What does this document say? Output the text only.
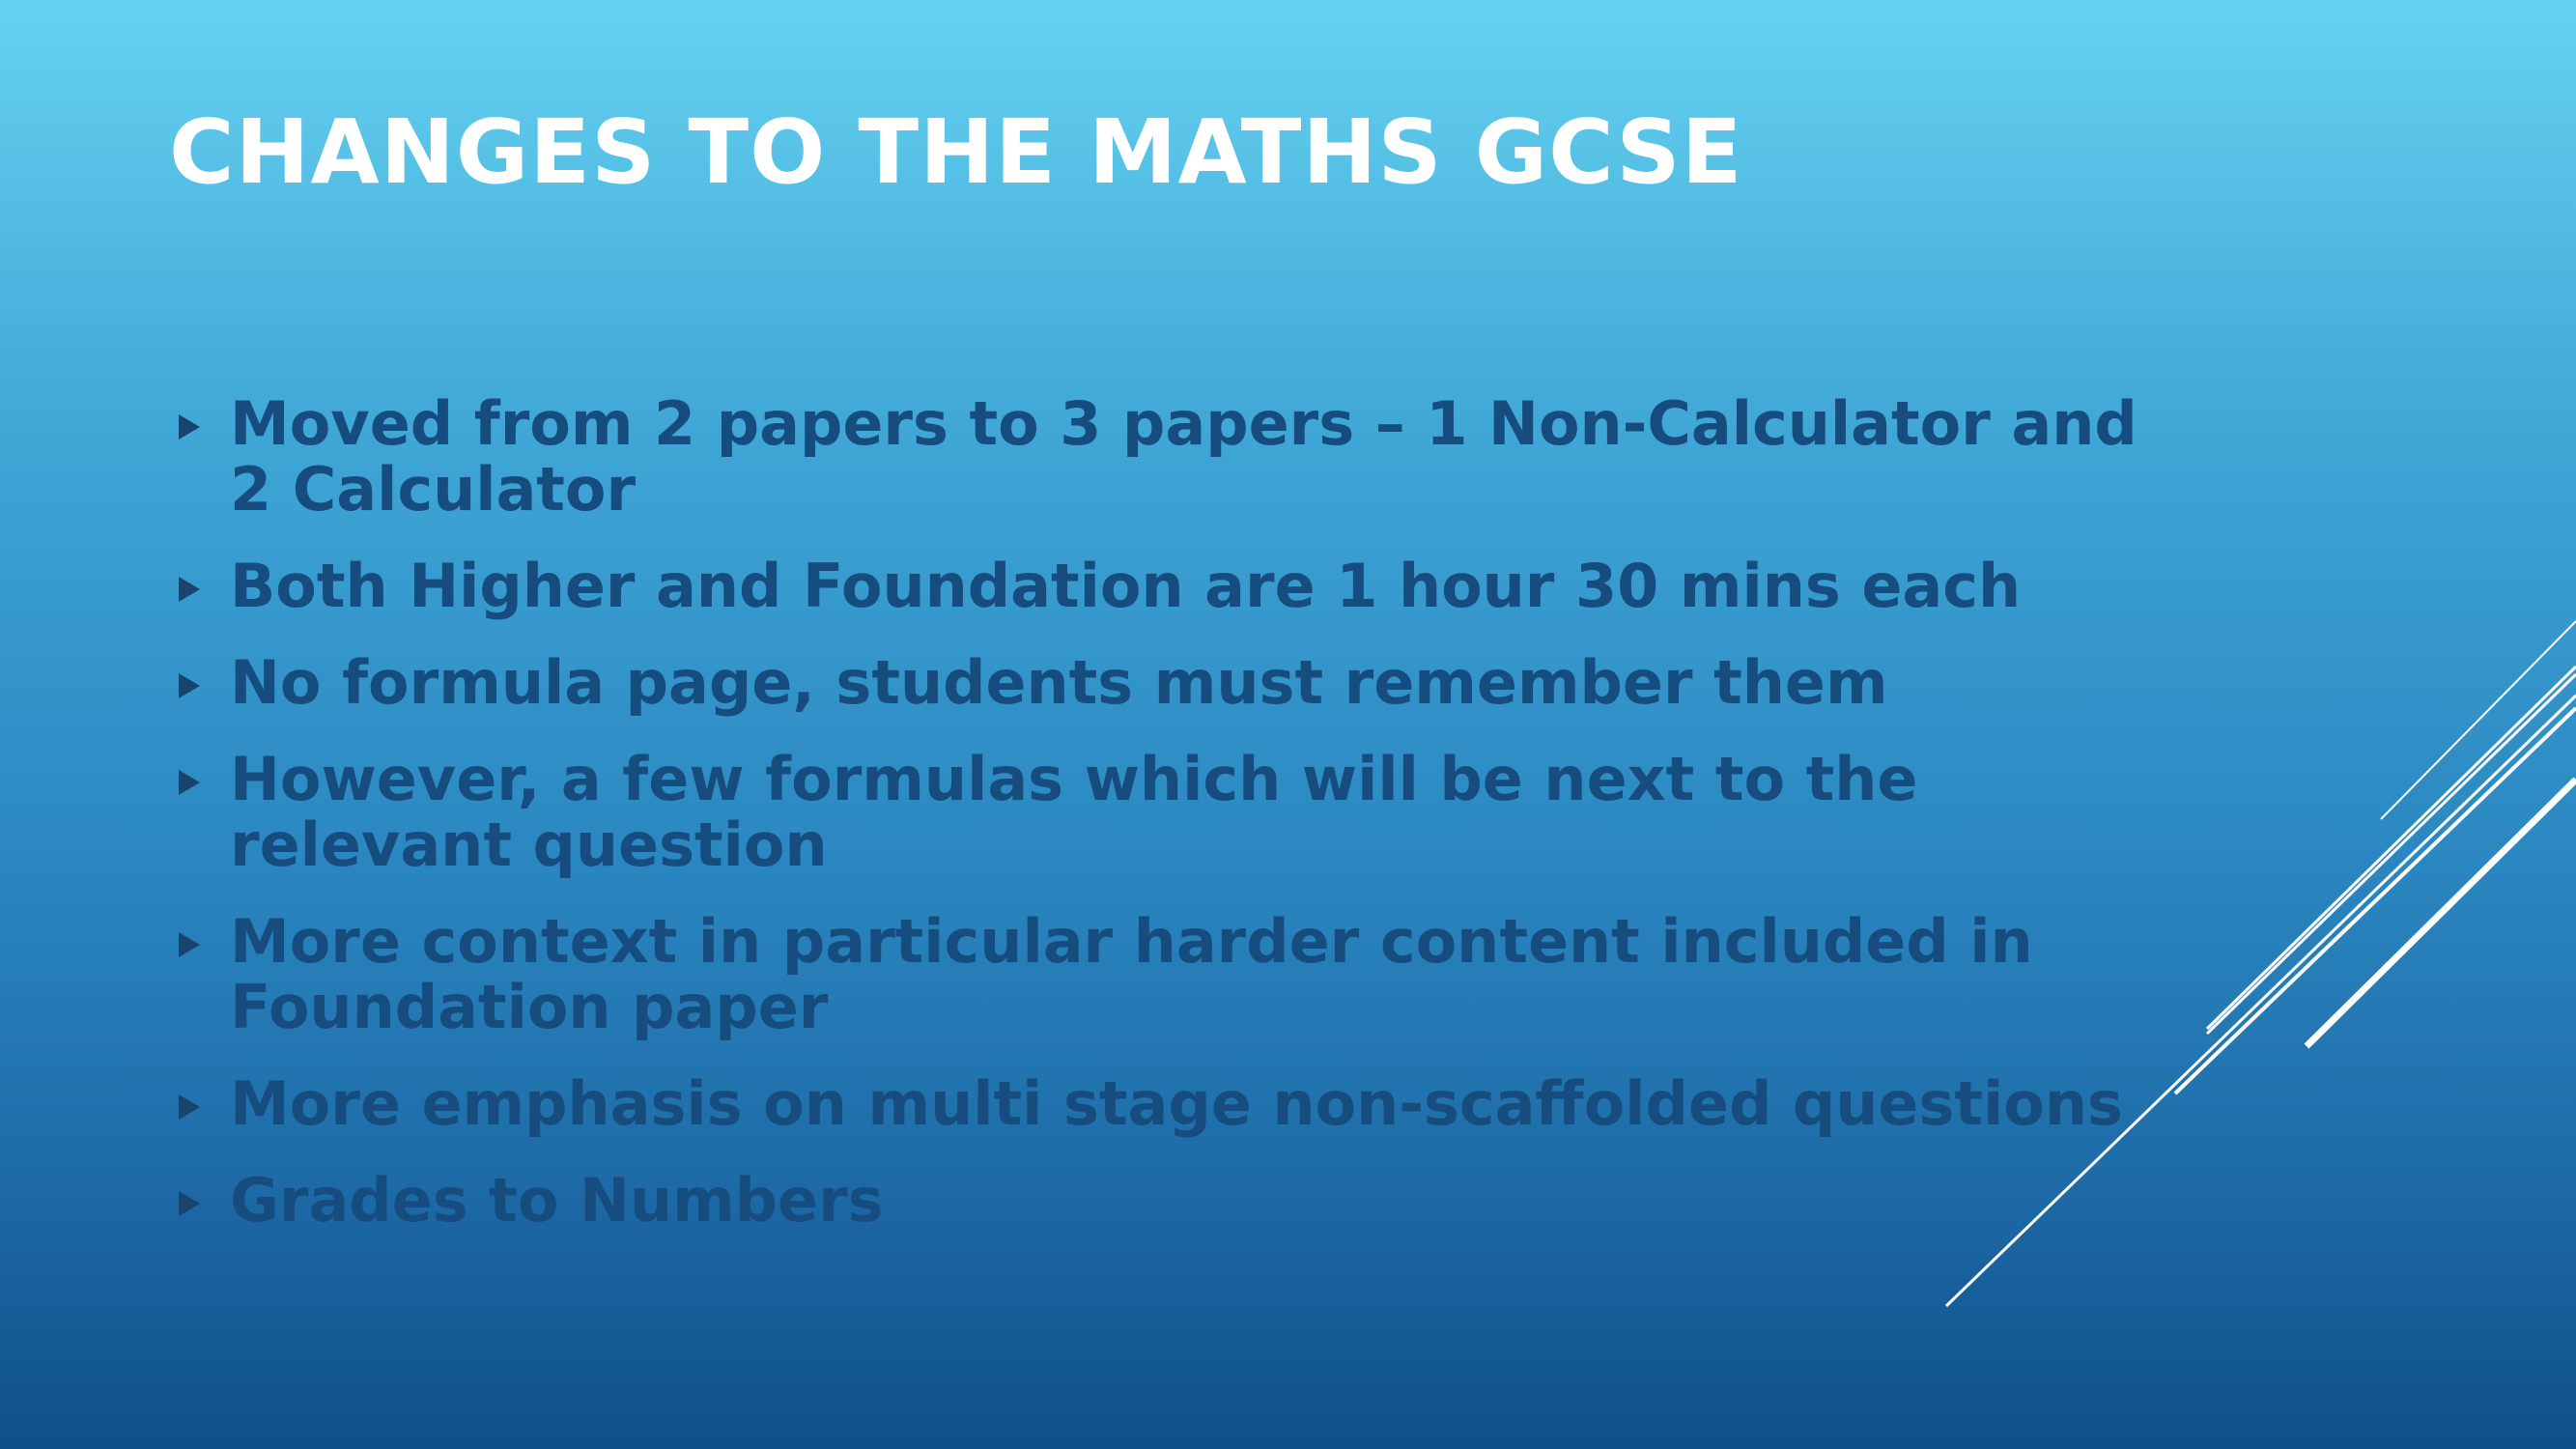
CHANGES TO THE MATHS GCSE
Moved from 2 papers to 3 papers – 1 Non-Calculator and 2 Calculator
Both Higher and Foundation are 1 hour 30 mins each
No formula page, students must remember them
However, a few formulas which will be next to the relevant question
More context in particular harder content included in Foundation paper
More emphasis on multi stage non-scaffolded questions
Grades to Numbers
